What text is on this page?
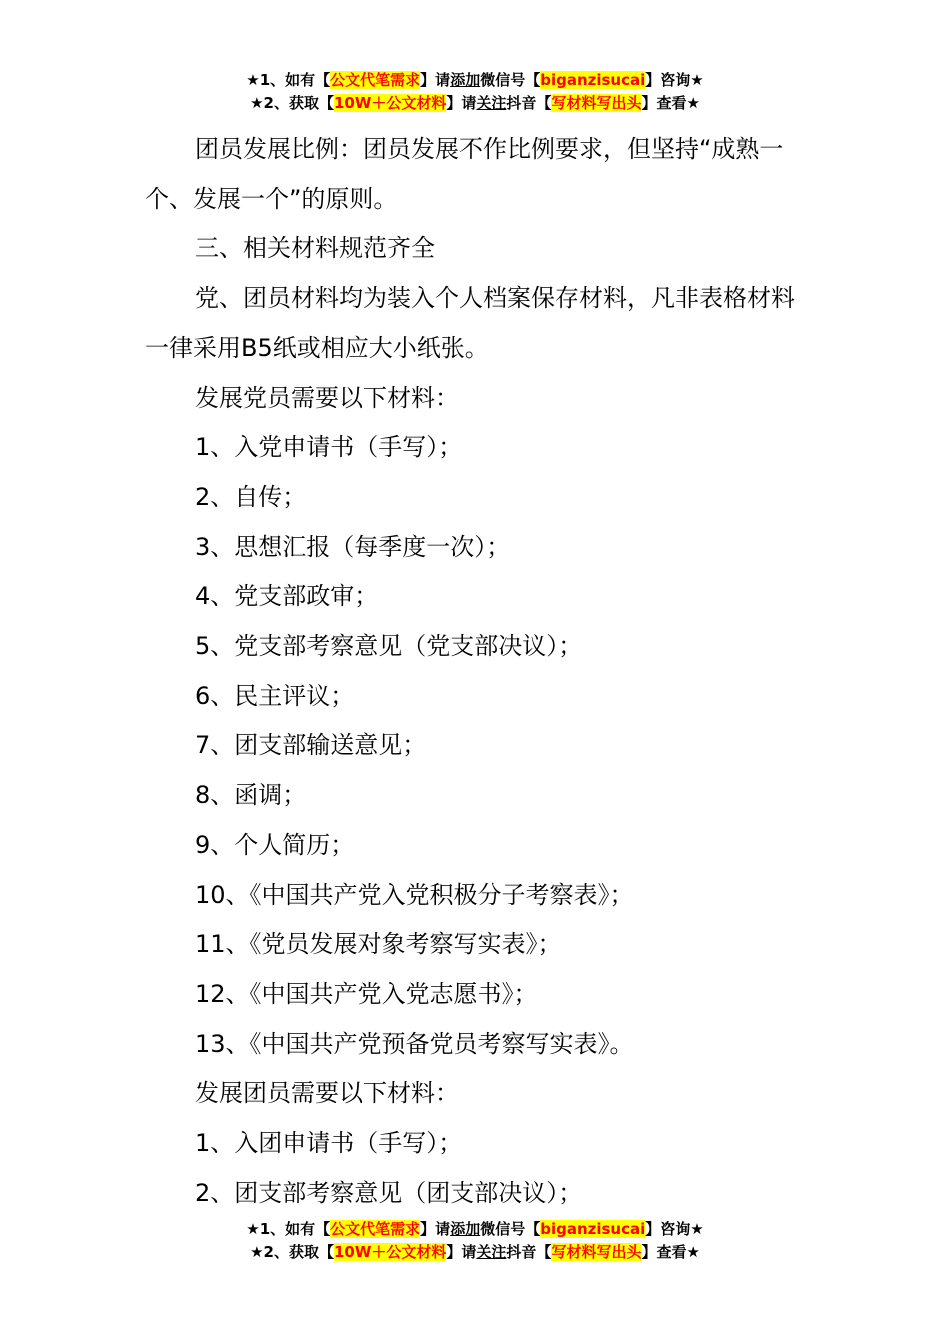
★1、如有【公文代笔需求】请添加微信号【biganzisucai】咨询★
★2、获取【10W＋公文材料】请关注抖音【写材料写出头】查看★

团员发展比例：团员发展不作比例要求，但坚持“成熟一个、发展一个”的原则。

三、相关材料规范齐全

党、团员材料均为装入个人档案保存材料，凡非表格材料一律采用B5纸或相应大小纸张。

发展党员需要以下材料：

1、入党申请书（手写）；

2、自传；

3、思想汇报（每季度一次）；

4、党支部政审；

5、党支部考察意见（党支部决议）；

6、民主评议；

7、团支部输送意见；

8、函调；

9、个人简历；

10、《中国共产党入党积极分子考察表》；

11、《党员发展对象考察写实表》；

12、《中国共产党入党志愿书》；

13、《中国共产党预备党员考察写实表》。

发展团员需要以下材料：

1、入团申请书（手写）；

2、团支部考察意见（团支部决议）；

★1、如有【公文代笔需求】请添加微信号【biganzisucai】咨询★
★2、获取【10W＋公文材料】请关注抖音【写材料写出头】查看★
